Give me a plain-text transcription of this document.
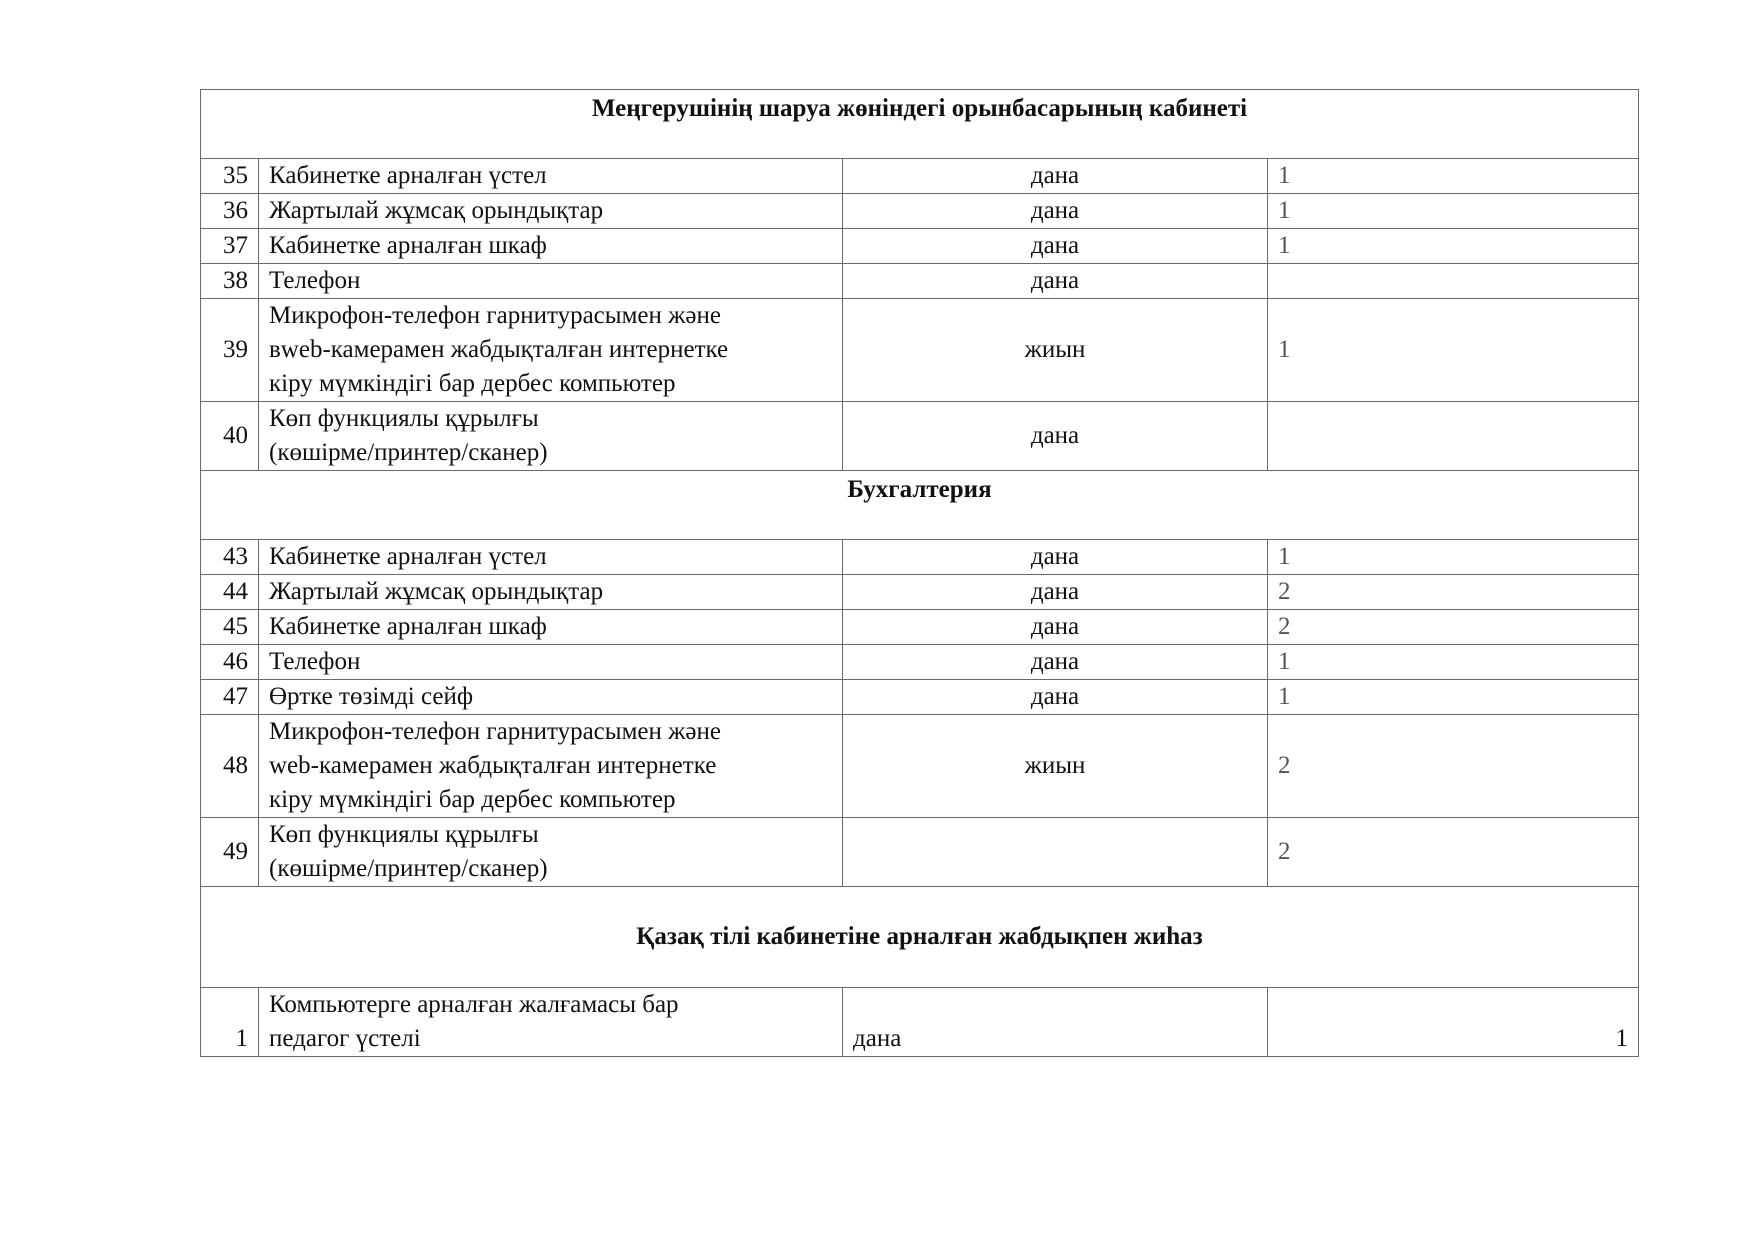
Меңгерушінің шаруа жөніндегі орынбасарының кабинеті			
35	Кабинетке арналған үстел	дана	1
36	Жартылай жұмсақ орындықтар	дана	1
37	Кабинетке арналған шкаф	дана	1
38	Телефон	дана	
39	Микрофон-телефон гарнитурасымен және
вweb-камерамен жабдықталған интернетке
кіру мүмкіндігі бар дербес компьютер	жиын	1
40	Көп функциялы құрылғы
(көшірме/принтер/сканер)	дана	
Бухгалтерия			
43	Кабинетке арналған үстел	дана	1
44	Жартылай жұмсақ орындықтар	дана	2
45	Кабинетке арналған шкаф	дана	2
46	Телефон	дана	1
47	Өртке төзімді сейф	дана	1
48	Микрофон-телефон гарнитурасымен және
web-камерамен жабдықталған интернетке
кіру мүмкіндігі бар дербес компьютер	жиын	2
49	Көп функциялы құрылғы
(көшірме/принтер/сканер)		2
Қазақ тілі кабинетіне арналған жабдықпен жиһаз			
1	Компьютерге арналған жалғамасы бар
педагог үстелі	дана	1
